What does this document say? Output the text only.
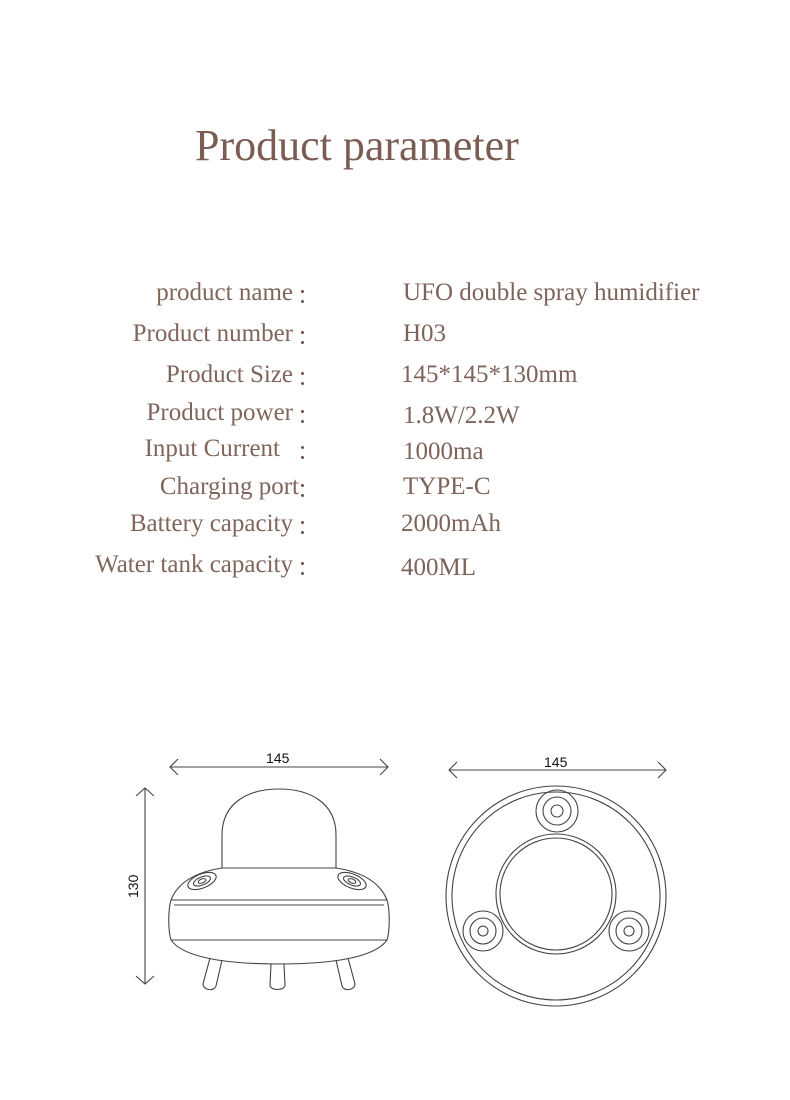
Product parameter
product name	UFO double spray humidifier
Product number	H03
Product Size	145*145*130mm
Product power	1.8W/2.2W
Input Current	1000ma
Charging port	TYPE-C
Battery capacity	2000mAh
Water tank capacity	400ML
145
130
145
